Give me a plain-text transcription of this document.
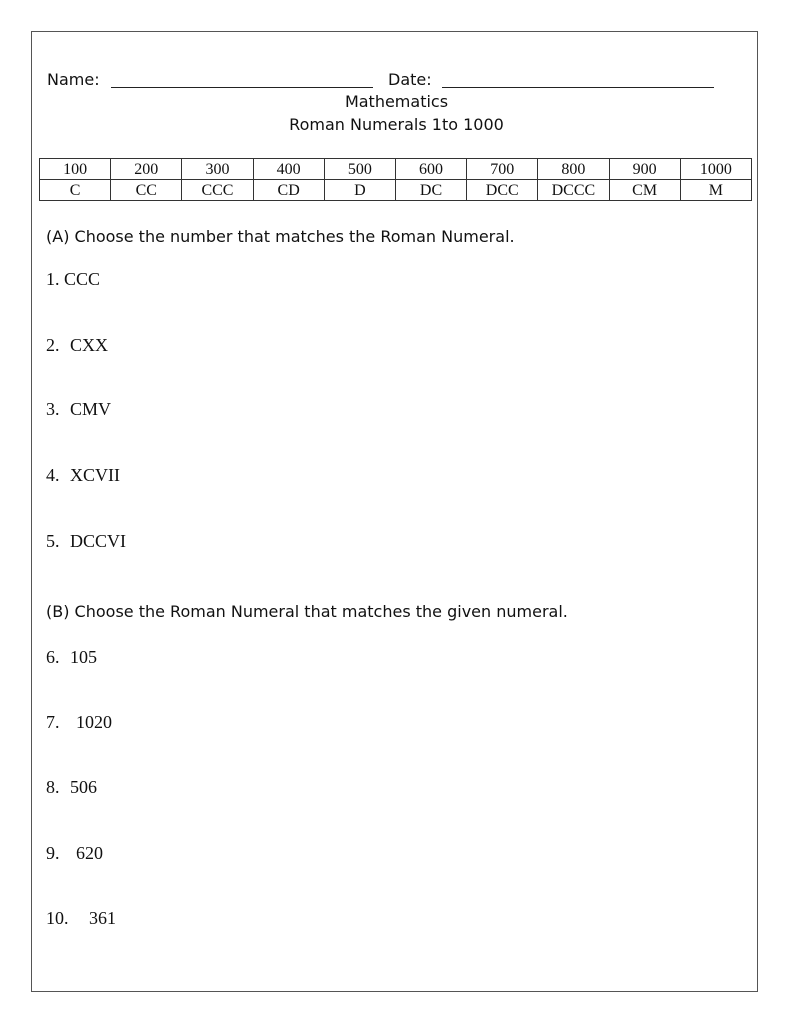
Name:	Date:
Mathematics
Roman Numerals 1to 1000
100	200	300	400	500	600	700	800	900	1000
C	CC	CCC	CD	D	DC	DCC	DCCC	CM	M
(A) Choose the number that matches the Roman Numeral.
1. CCC
2. CXX
3. CMV
4. XCVII
5. DCCVI
(B) Choose the Roman Numeral that matches the given numeral.
6. 105
7. 1020
8. 506
9. 620
10. 361
